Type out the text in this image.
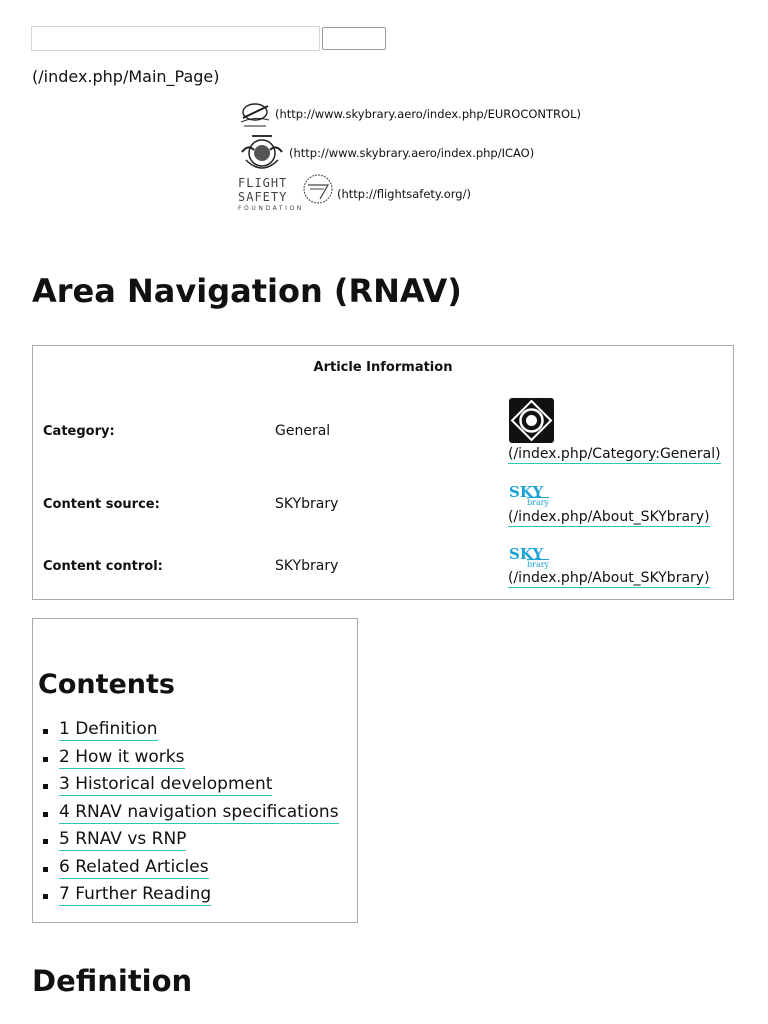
(/index.php/Main_Page)
(http://www.skybrary.aero/index.php/EUROCONTROL)
(http://www.skybrary.aero/index.php/ICAO)
FLIGHT
SAFETY
FOUNDATION
(http://flightsafety.org/)
Area Navigation (RNAV)
Article Information
Category:	General
(/index.php/Category:General)
Content source:	SKYbrary
SKY
brary
(/index.php/About_SKYbrary)
Content control:	SKYbrary
SKY
brary
(/index.php/About_SKYbrary)
Contents
1 Definition
2 How it works
3 Historical development
4 RNAV navigation specifications
5 RNAV vs RNP
6 Related Articles
7 Further Reading
Definition
